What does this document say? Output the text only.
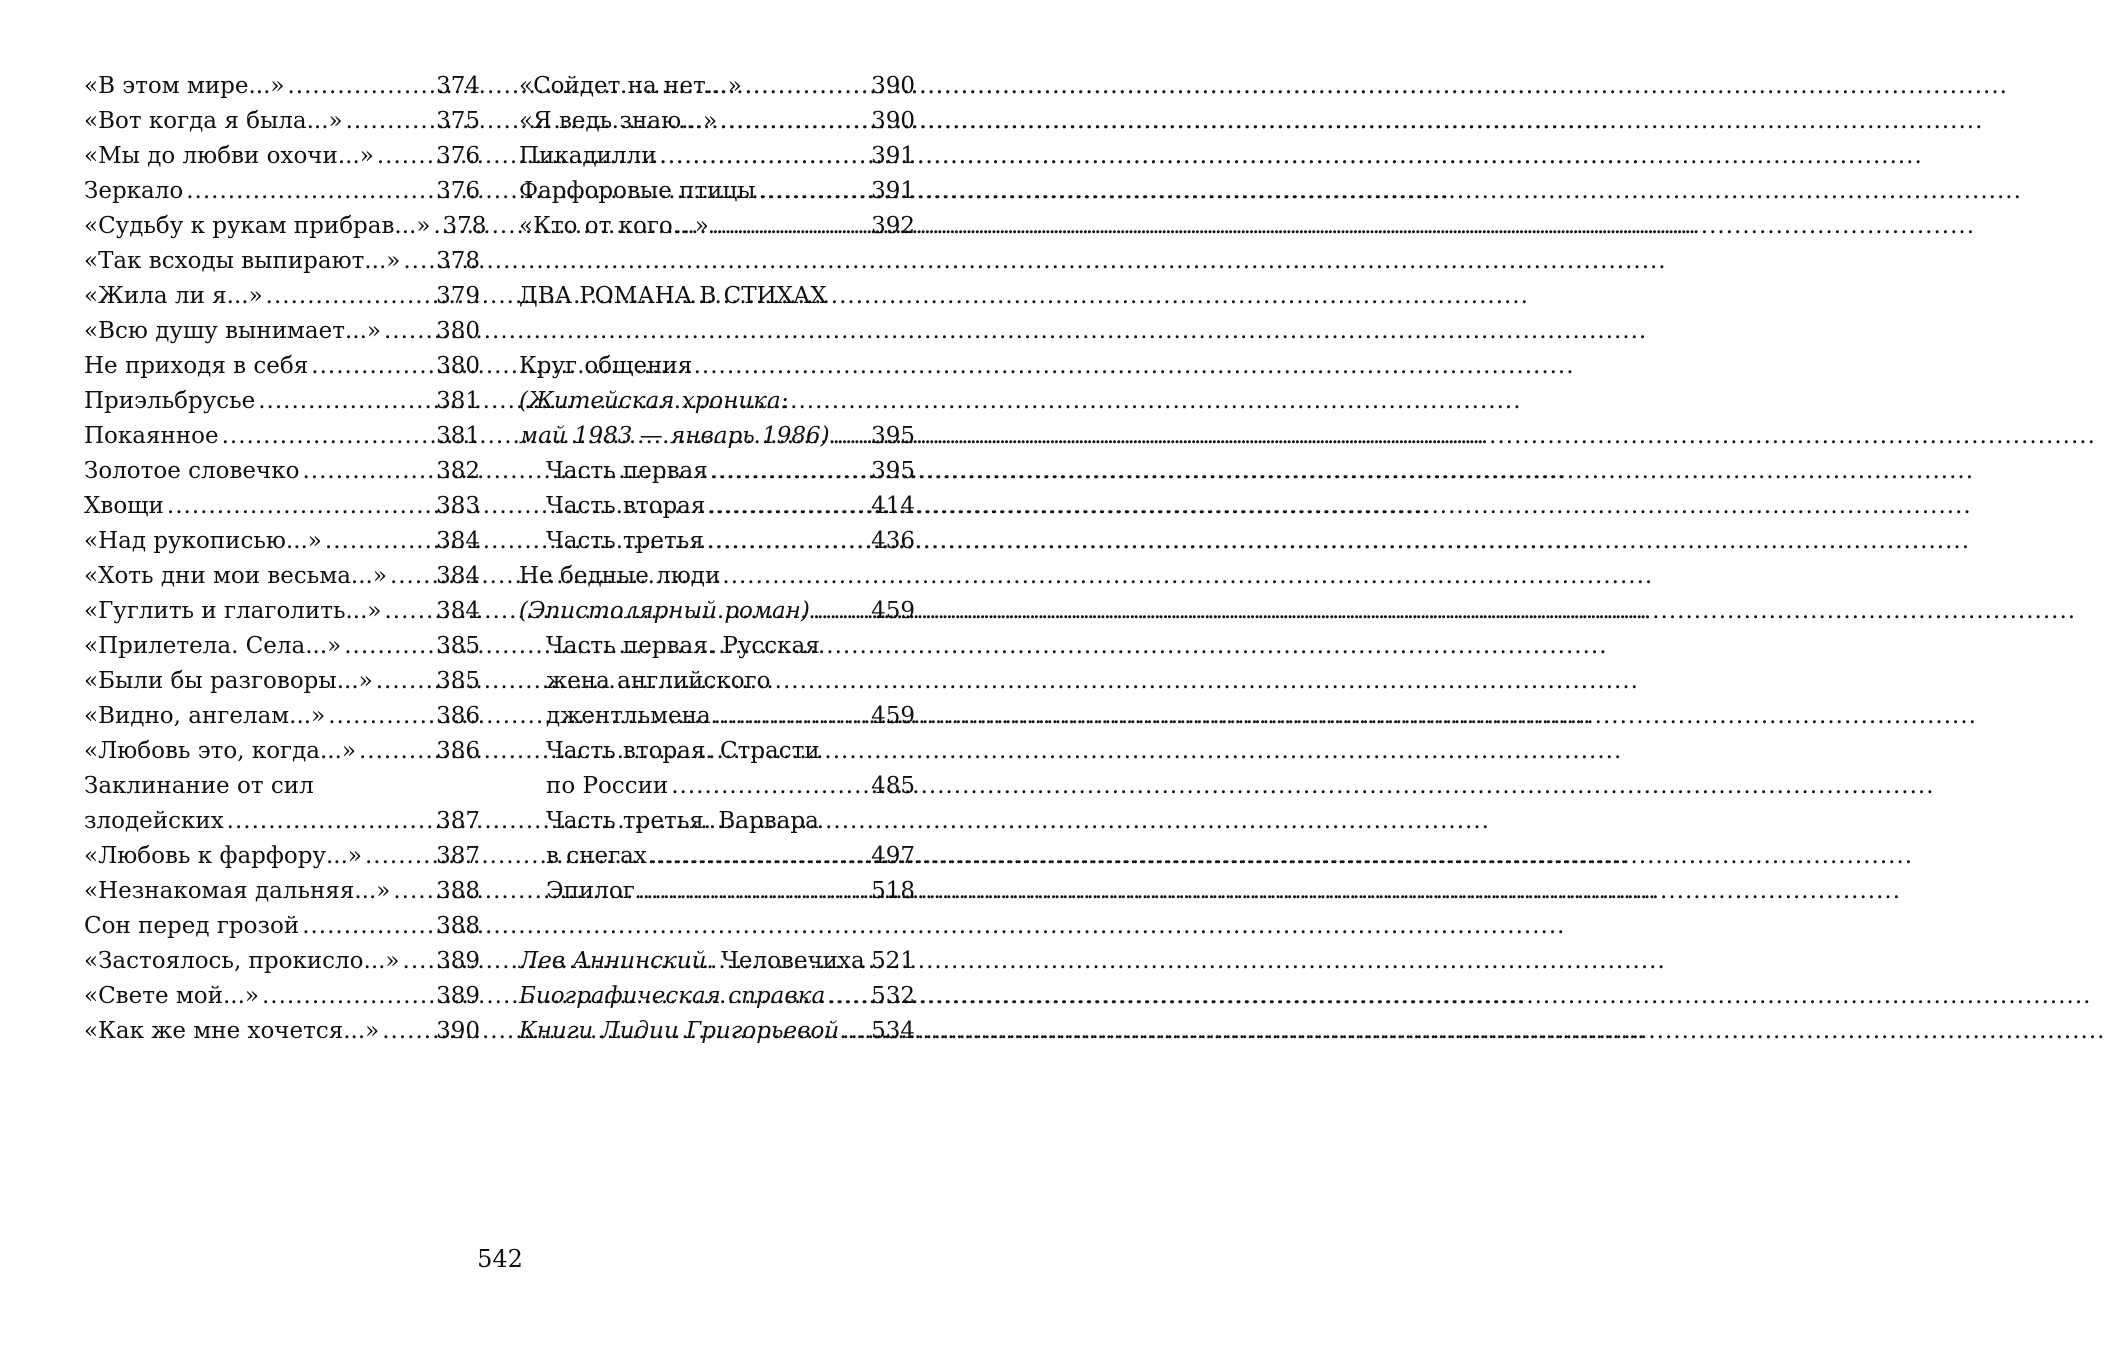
«В этом мире...» .....	374
«Вот когда я была...» .....	375
«Мы до любви охочи...» .....	376
Зеркало .....	376
«Судьбу к рукам прибрав...» ..... 378
«Так всходы выпирают...» ..... 378
«Жила ли я...» .....	379
«Всю душу вынимает...» ..... 380
Не приходя в себя .....	380
Приэльбрусье .....	381
Покаянное .....	381
Золотое словечко .....	382
Хвощи .....	383
«Над рукописью...» .....	384
«Хоть дни мои весьма...» ..... 384
«Гуглить и глаголить...» ..... 384
«Прилетела. Села...» .....	385
«Были бы разговоры...» .....	385
«Видно, ангелам...» .....	386
«Любовь это, когда...» .....	386
Заклинание от сил
злодейских .....	387
«Любовь к фарфору...» .....	387
«Незнакомая дальняя...» ..... 388
Сон перед грозой .....	388
«Застоялось, прокисло...» ..... 389
«Свете мой...» .....	389
«Как же мне хочется...» ..... 390
«Сойдет на нет...» .....	390
«Я ведь знаю...» .....	390
Пикадилли .....	391
Фарфоровые птицы .....	391
«Кто от кого...» .....	392
ДВА РОМАНА В СТИХАХ
Круг общения
(Житейская хроника:
май 1983 — январь 1986) ..... 395
Часть первая .....	395
Часть вторая .....	414
Часть третья .....	436
Не бедные люди
(Эпистолярный роман) .....	459
Часть первая. Русская
жена английского
джентльмена .....	459
Часть вторая. Страсти
по России .....	485
Часть третья. Варвара
в снегах .....	497
Эпилог .....	518
Лев Аннинский. Человечиха 521
Биографическая справка ..... 532
Книги Лидии Григорьевой ..... 534
542
